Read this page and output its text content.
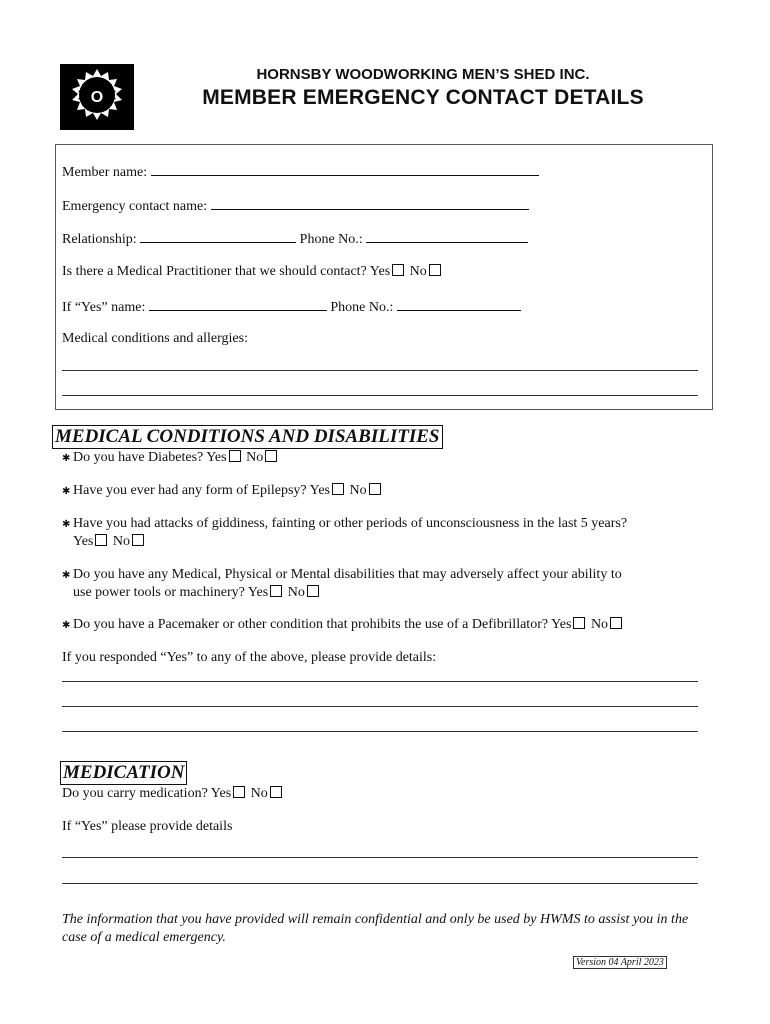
O
HORNSBY WOODWORKING MEN’S SHED INC.
MEMBER EMERGENCY CONTACT DETAILS
Member name:
Emergency contact name:
Relationship:	Phone No.:
Is there a Medical Practitioner that we should contact? Yes No
If “Yes” name:	Phone No.:
Medical conditions and allergies:
MEDICAL CONDITIONS AND DISABILITIES
✱ Do you have Diabetes? Yes No
✱ Have you ever had any form of Epilepsy? Yes No
✱ Have you had attacks of giddiness, fainting or other periods of unconsciousness in the last 5 years?
Yes No
✱ Do you have any Medical, Physical or Mental disabilities that may adversely affect your ability to
use power tools or machinery? Yes No
✱ Do you have a Pacemaker or other condition that prohibits the use of a Defibrillator? Yes No
If you responded “Yes” to any of the above, please provide details:
MEDICATION
Do you carry medication? Yes No
If “Yes” please provide details
The information that you have provided will remain confidential and only be used by HWMS to assist you in the case of a medical emergency.
Version 04 April 2023
